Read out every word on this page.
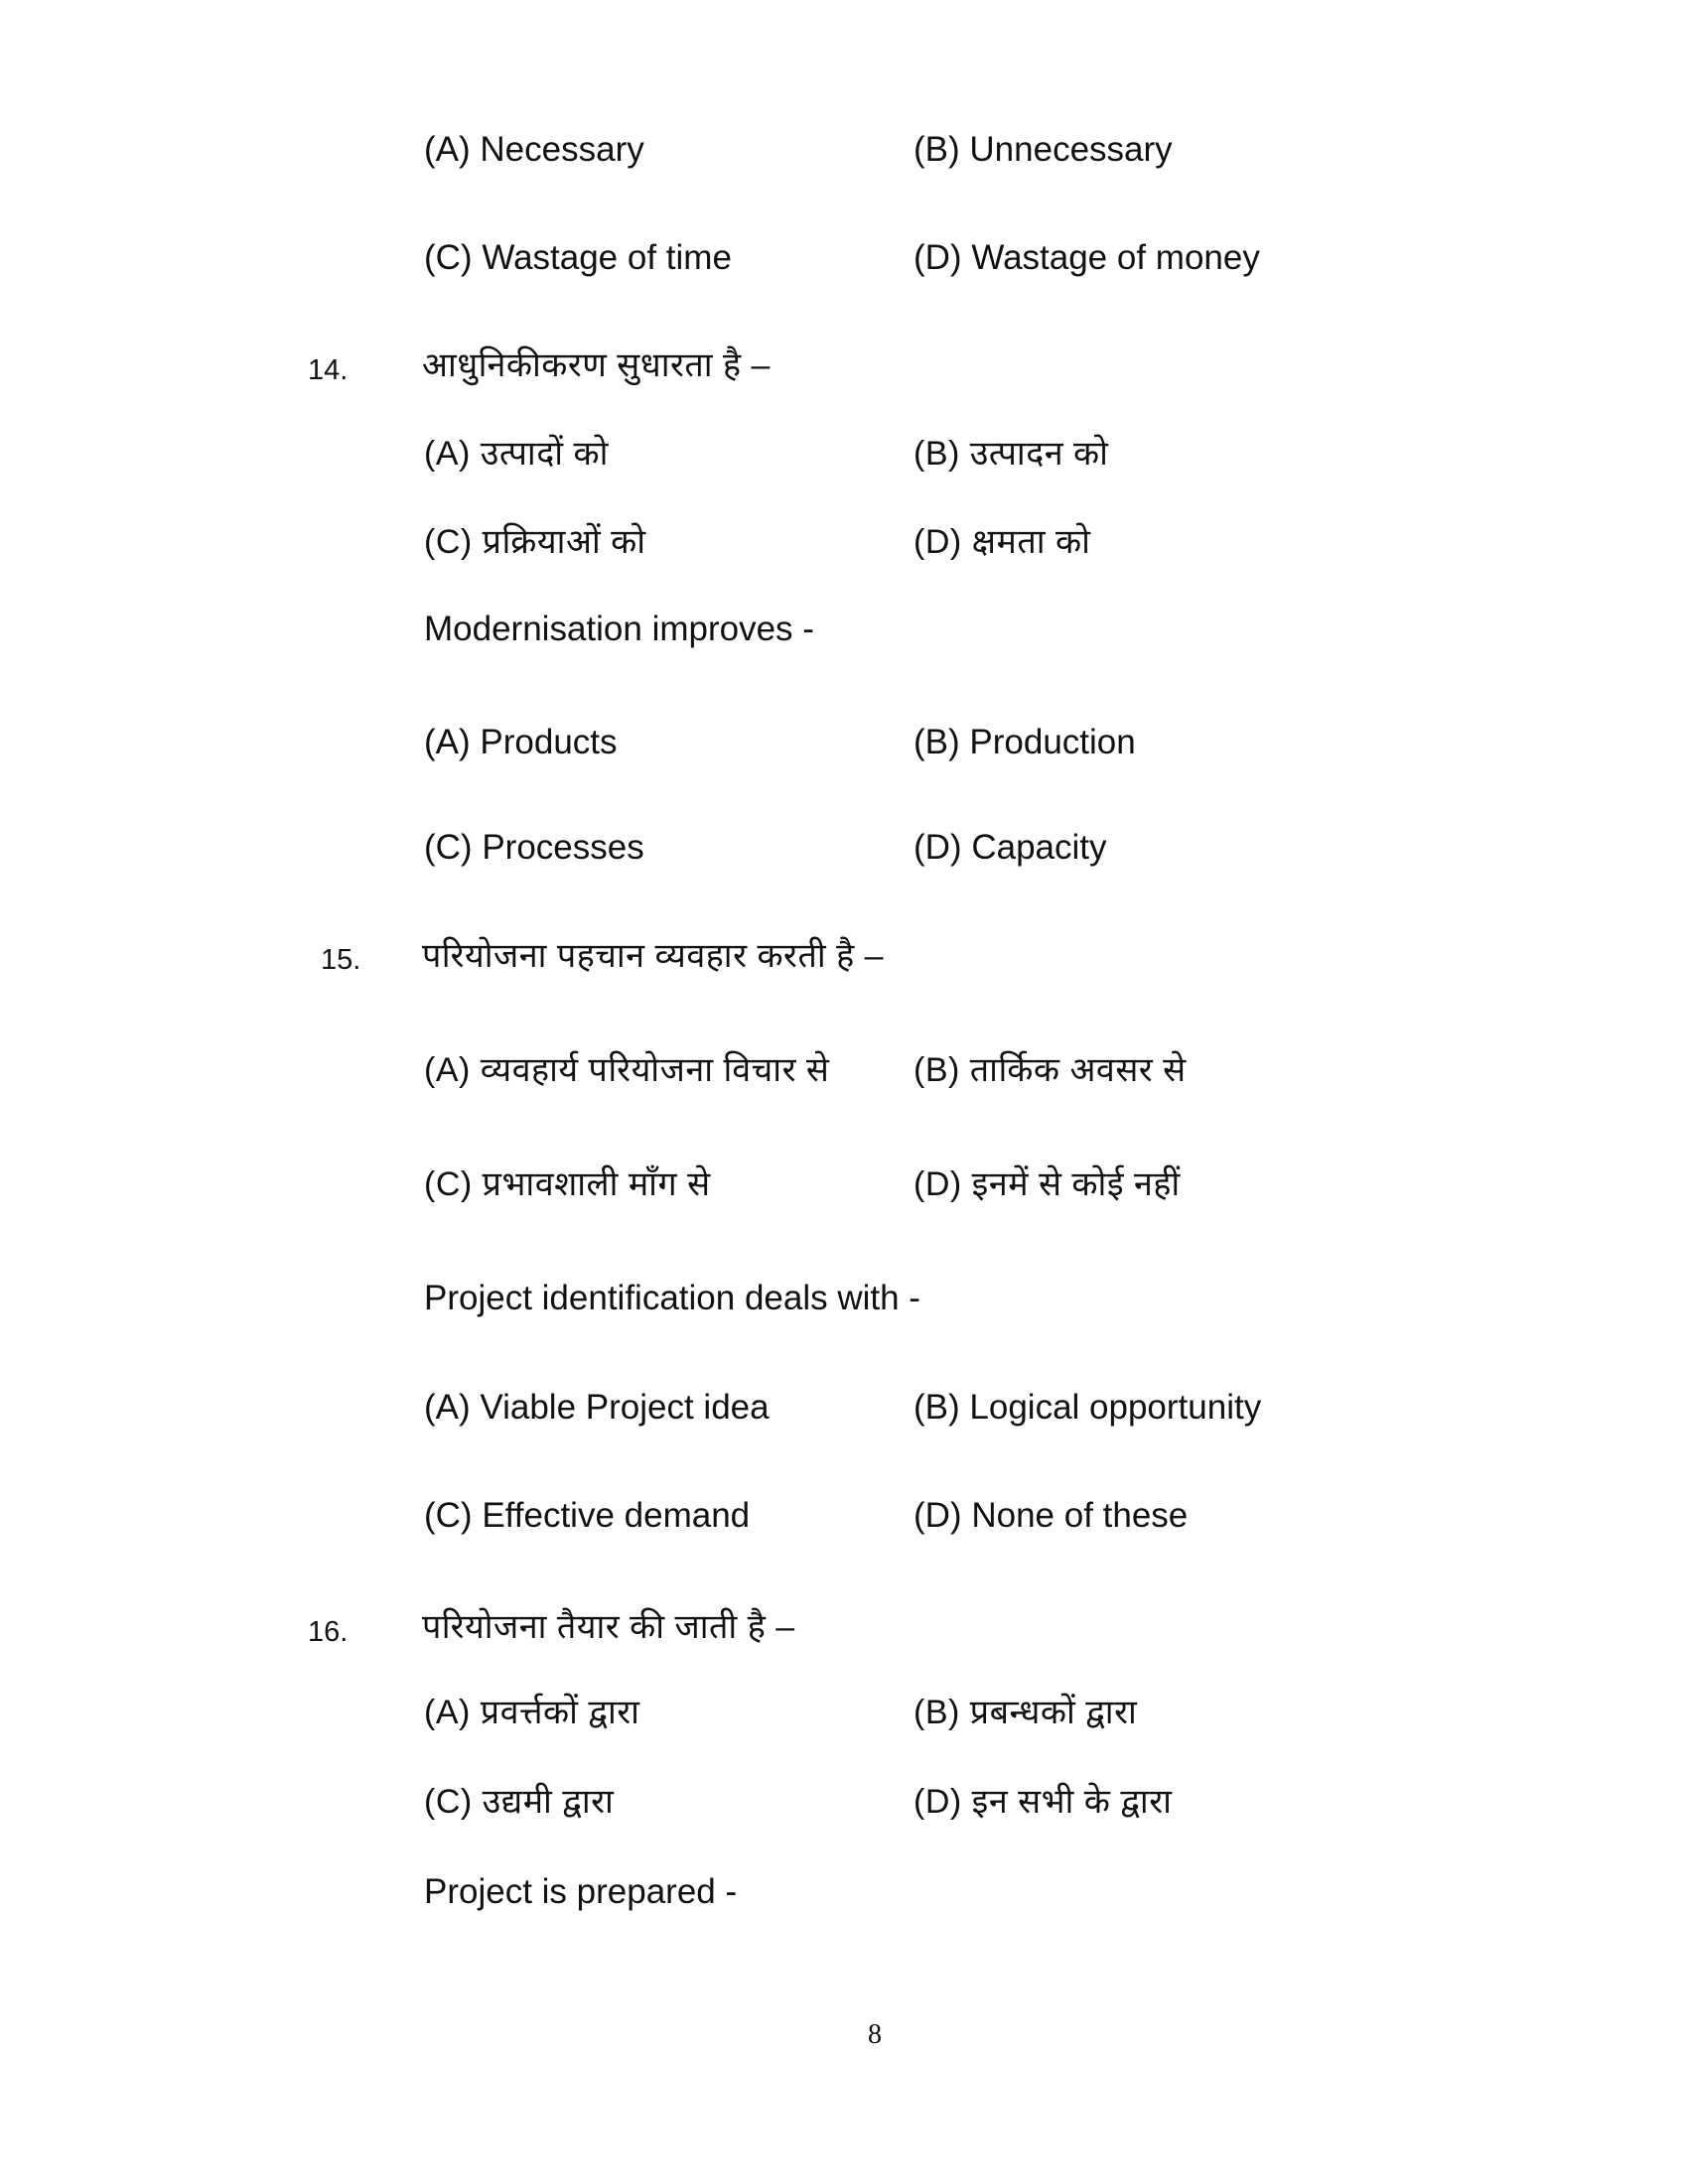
(A) Necessary	(B) Unnecessary
(C) Wastage of time	(D) Wastage of money
14. आधुनिकीकरण सुधारता है –
(A) उत्पादों को	(B) उत्पादन को
(C) प्रक्रियाओं को	(D) क्षमता को
Modernisation improves -
(A) Products	(B) Production
(C) Processes	(D) Capacity
15. परियोजना पहचान व्यवहार करती है –
(A) व्यवहार्य परियोजना विचार से (B) तार्किक अवसर से
(C) प्रभावशाली माँग से	(D) इनमें से कोई नहीं
Project identification deals with -
(A) Viable Project idea	(B) Logical opportunity
(C) Effective demand	(D) None of these
16. परियोजना तैयार की जाती है –
(A) प्रवर्त्तकों द्वारा	(B) प्रबन्धकों द्वारा
(C) उद्यमी द्वारा	(D) इन सभी के द्वारा
Project is prepared -
8
